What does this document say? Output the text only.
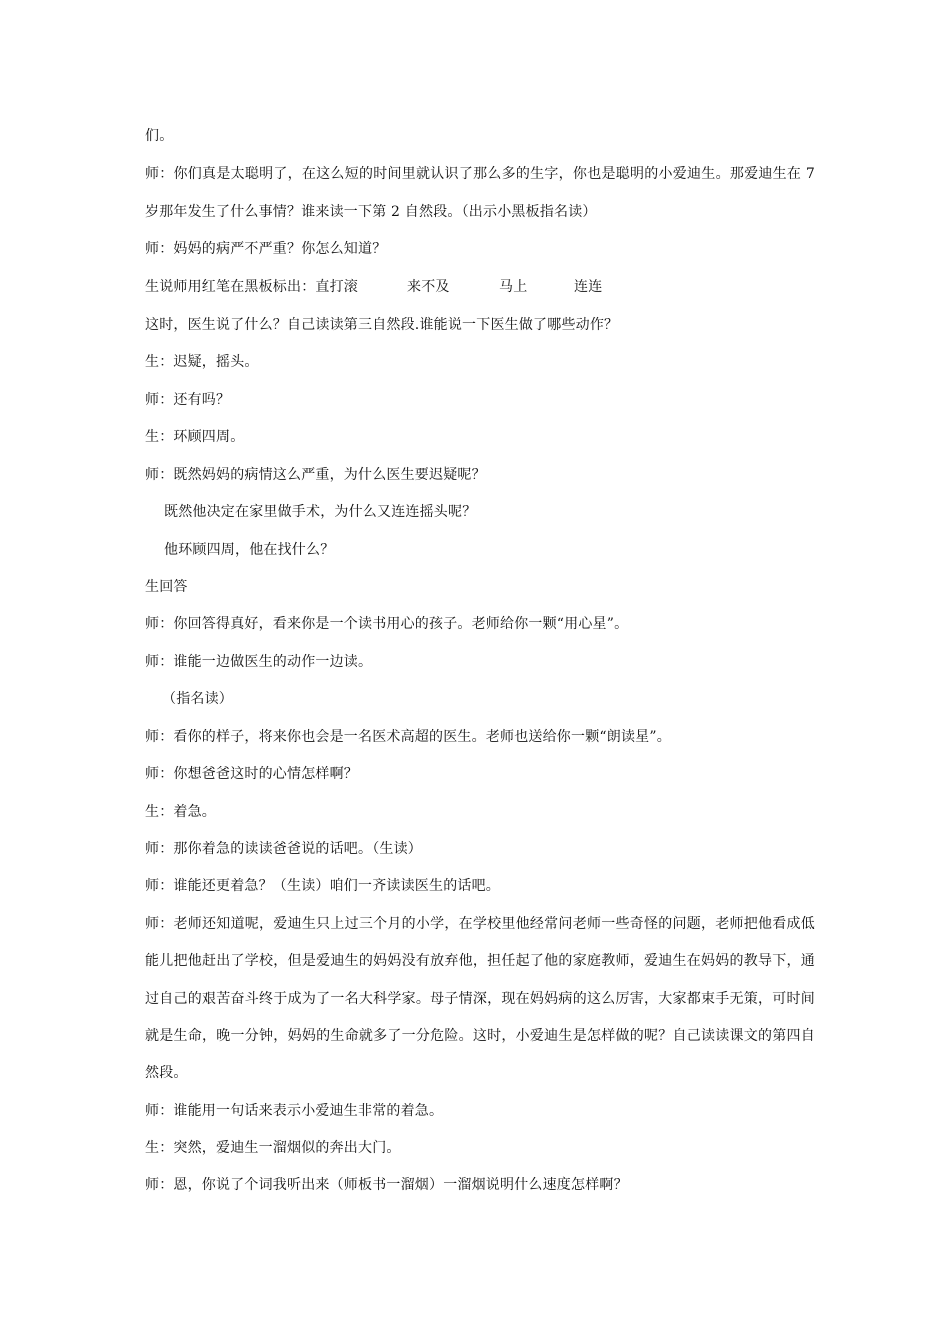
们。
师：你们真是太聪明了，在这么短的时间里就认识了那么多的生字，你也是聪明的小爱迪生。那爱迪生在 7
岁那年发生了什么事情？谁来读一下第 2 自然段。（出示小黑板指名读）
师：妈妈的病严不严重？你怎么知道？
生说师用红笔在黑板标出：直打滚	来不及	马上	连连
这时，医生说了什么？自己读读第三自然段.谁能说一下医生做了哪些动作？
生：迟疑，摇头。
师：还有吗？
生：环顾四周。
师：既然妈妈的病情这么严重，为什么医生要迟疑呢？
既然他决定在家里做手术，为什么又连连摇头呢？
他环顾四周，他在找什么？
生回答
师：你回答得真好，看来你是一个读书用心的孩子。老师给你一颗“用心星”。
师：谁能一边做医生的动作一边读。
（指名读）
师：看你的样子，将来你也会是一名医术高超的医生。老师也送给你一颗“朗读星”。
师：你想爸爸这时的心情怎样啊？
生：着急。
师：那你着急的读读爸爸说的话吧。（生读）
师：谁能还更着急？（生读）咱们一齐读读医生的话吧。
师：老师还知道呢，爱迪生只上过三个月的小学，在学校里他经常问老师一些奇怪的问题，老师把他看成低
能儿把他赶出了学校，但是爱迪生的妈妈没有放弃他，担任起了他的家庭教师，爱迪生在妈妈的教导下，通
过自己的艰苦奋斗终于成为了一名大科学家。母子情深，现在妈妈病的这么厉害，大家都束手无策，可时间
就是生命，晚一分钟，妈妈的生命就多了一分危险。这时，小爱迪生是怎样做的呢？自己读读课文的第四自
然段。
师：谁能用一句话来表示小爱迪生非常的着急。
生：突然，爱迪生一溜烟似的奔出大门。
师：恩，你说了个词我听出来（师板书一溜烟）一溜烟说明什么速度怎样啊？
